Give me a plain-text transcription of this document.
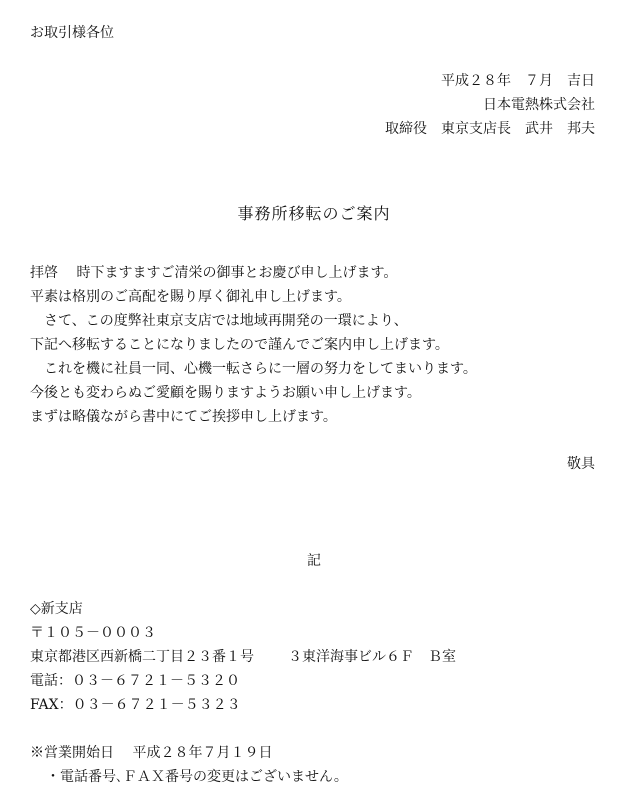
お取引様各位
平成２８年　７月　吉日
日本電熱株式会社
取締役　東京支店長　武井　邦夫
事務所移転のご案内
拝啓　 時下ますますご清栄の御事とお慶び申し上げます。
平素は格別のご高配を賜り厚く御礼申し上げます。
　さて、この度弊社東京支店では地域再開発の一環により、
下記へ移転することになりましたので謹んでご案内申し上げます。
　これを機に社員一同、心機一転さらに一層の努力をしてまいります。
今後とも変わらぬご愛顧を賜りますようお願い申し上げます。
まずは略儀ながら書中にてご挨拶申し上げます。
敬具
記
◇新支店
〒１０５－０００３
東京都港区西新橋二丁目２３番１号 ３東洋海事ビル６Ｆ　Ｂ室
電話：０３－６７２１－５３２０
FAX：０３－６７２１－５３２３
※営業開始日　 平成２８年７月１９日
・電話番号､ＦＡＸ番号の変更はございません。
